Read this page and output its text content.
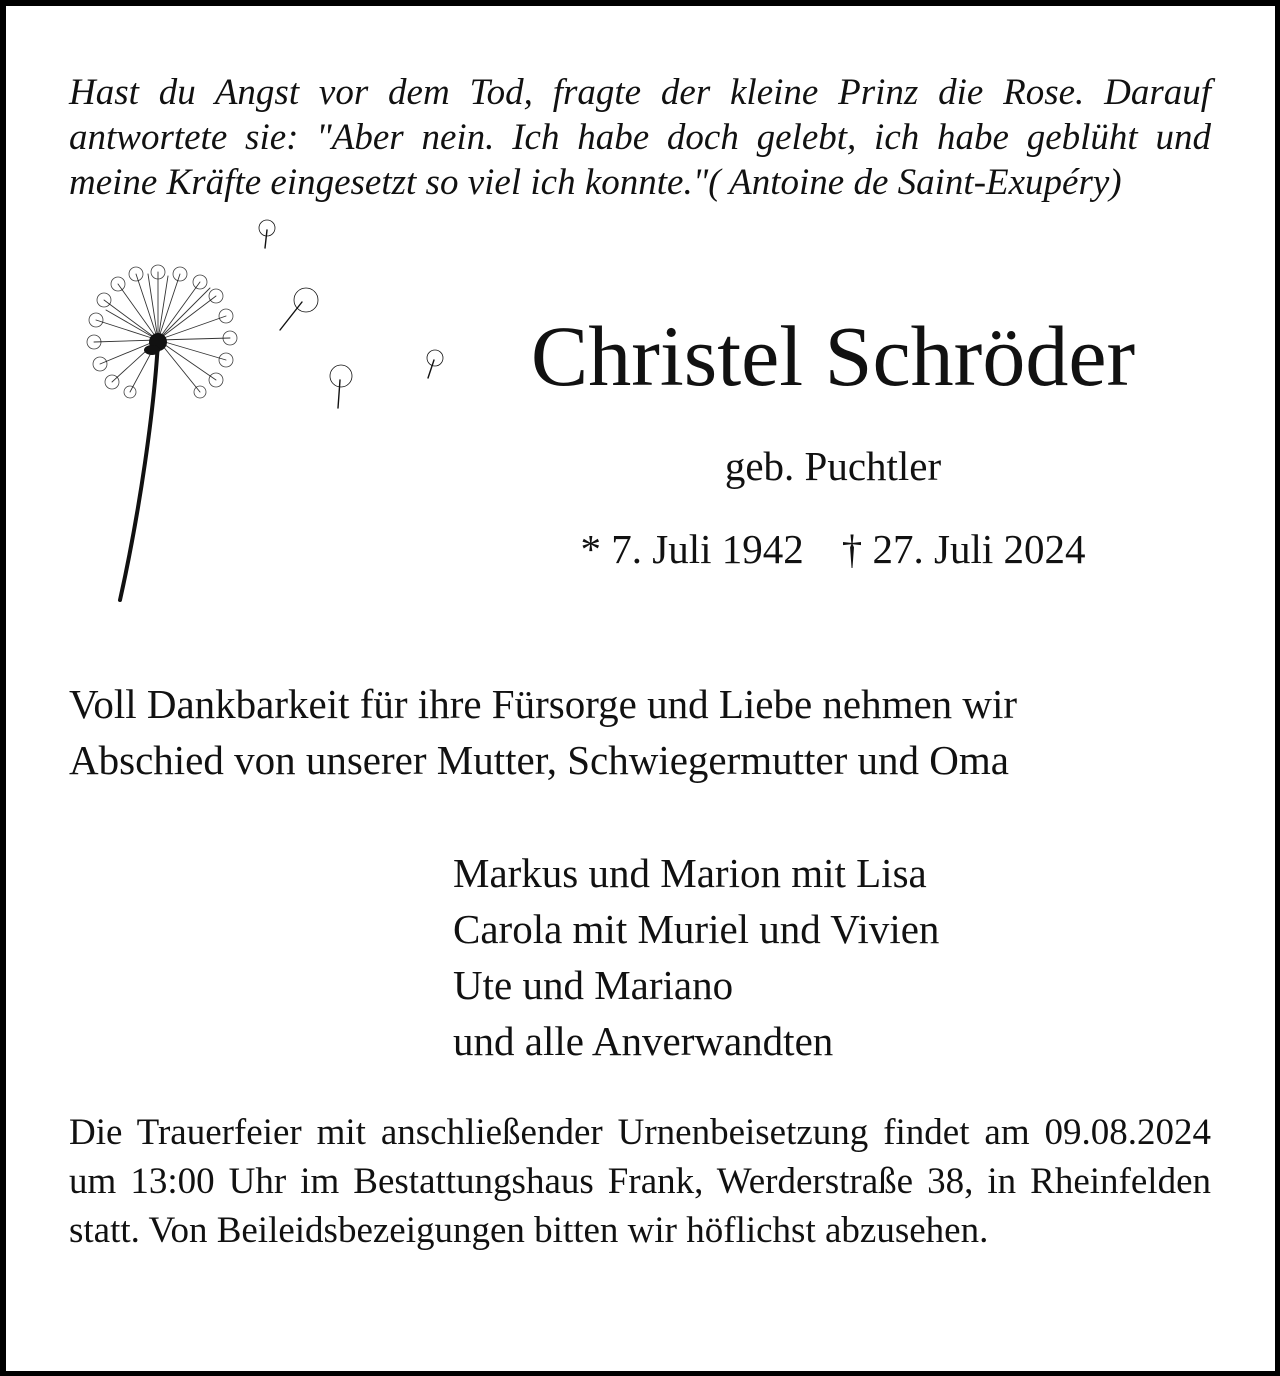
Hast du Angst vor dem Tod, fragte der kleine Prinz die Rose. Darauf antwortete sie: "Aber nein. Ich habe doch gelebt, ich habe geblüht und meine Kräfte eingesetzt so viel ich konnte."( Antoine de Saint-Exupéry)

Christel Schröder

geb. Puchtler

* 7. Juli 1942 † 27. Juli 2024

Voll Dankbarkeit für ihre Fürsorge und Liebe nehmen wir
Abschied von unserer Mutter, Schwiegermutter und Oma

Markus und Marion mit Lisa
Carola mit Muriel und Vivien
Ute und Mariano
und alle Anverwandten

Die Trauerfeier mit anschließender Urnenbeisetzung findet am 09.08.2024 um 13:00 Uhr im Bestattungshaus Frank, Werderstraße 38, in Rheinfelden statt. Von Beileidsbezeigungen bitten wir höflichst abzusehen.
